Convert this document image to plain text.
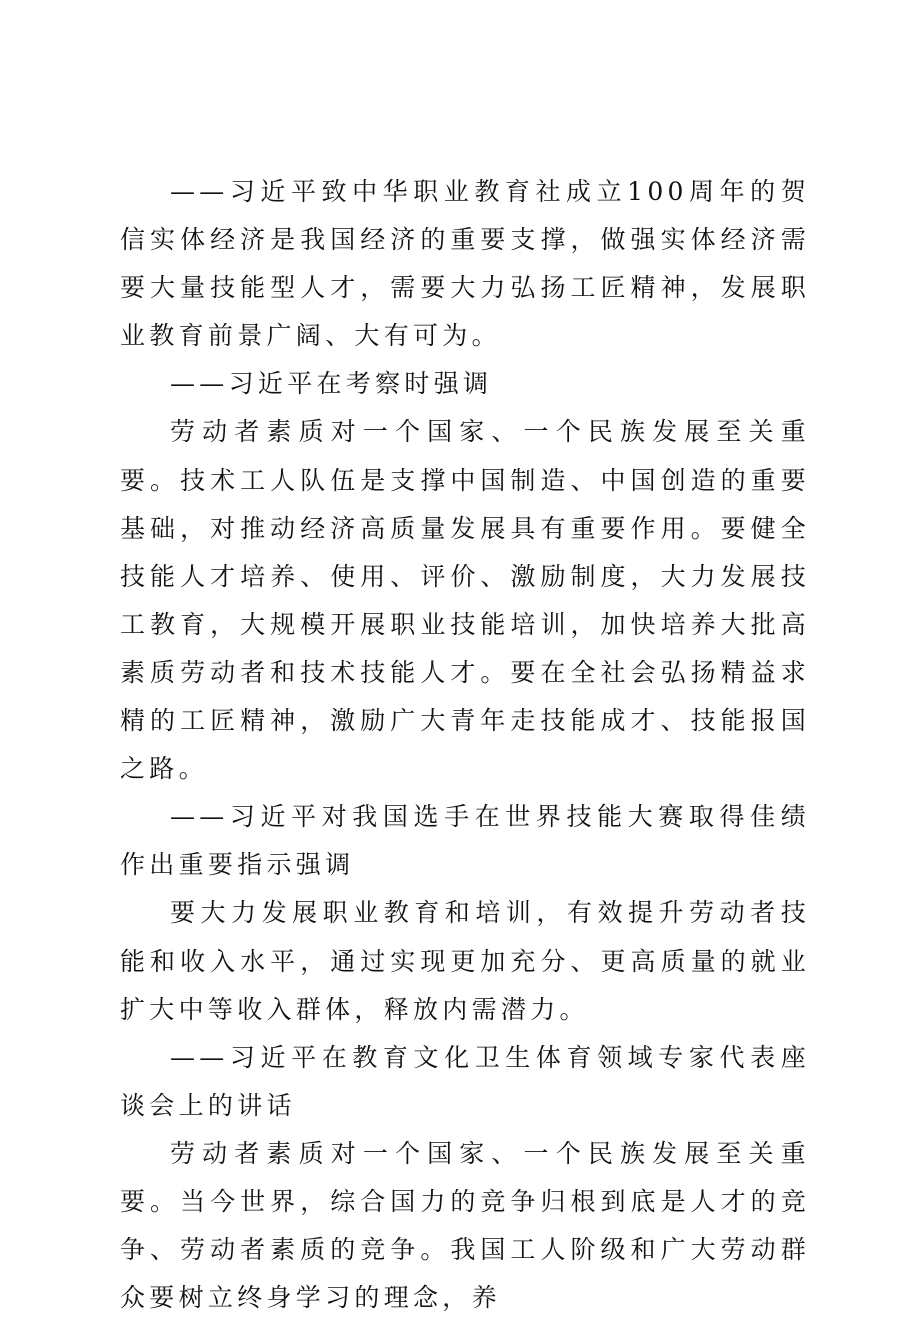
——习近平致中华职业教育社成立100周年的贺信实体经济是我国经济的重要支撑，做强实体经济需要大量技能型人才，需要大力弘扬工匠精神，发展职业教育前景广阔、大有可为。

——习近平在考察时强调

劳动者素质对一个国家、一个民族发展至关重要。技术工人队伍是支撑中国制造、中国创造的重要基础，对推动经济高质量发展具有重要作用。要健全技能人才培养、使用、评价、激励制度，大力发展技工教育，大规模开展职业技能培训，加快培养大批高素质劳动者和技术技能人才。要在全社会弘扬精益求精的工匠精神，激励广大青年走技能成才、技能报国之路。

——习近平对我国选手在世界技能大赛取得佳绩作出重要指示强调

要大力发展职业教育和培训，有效提升劳动者技能和收入水平，通过实现更加充分、更高质量的就业扩大中等收入群体，释放内需潜力。

——习近平在教育文化卫生体育领域专家代表座谈会上的讲话

劳动者素质对一个国家、一个民族发展至关重要。当今世界，综合国力的竞争归根到底是人才的竞争、劳动者素质的竞争。我国工人阶级和广大劳动群众要树立终身学习的理念，养
